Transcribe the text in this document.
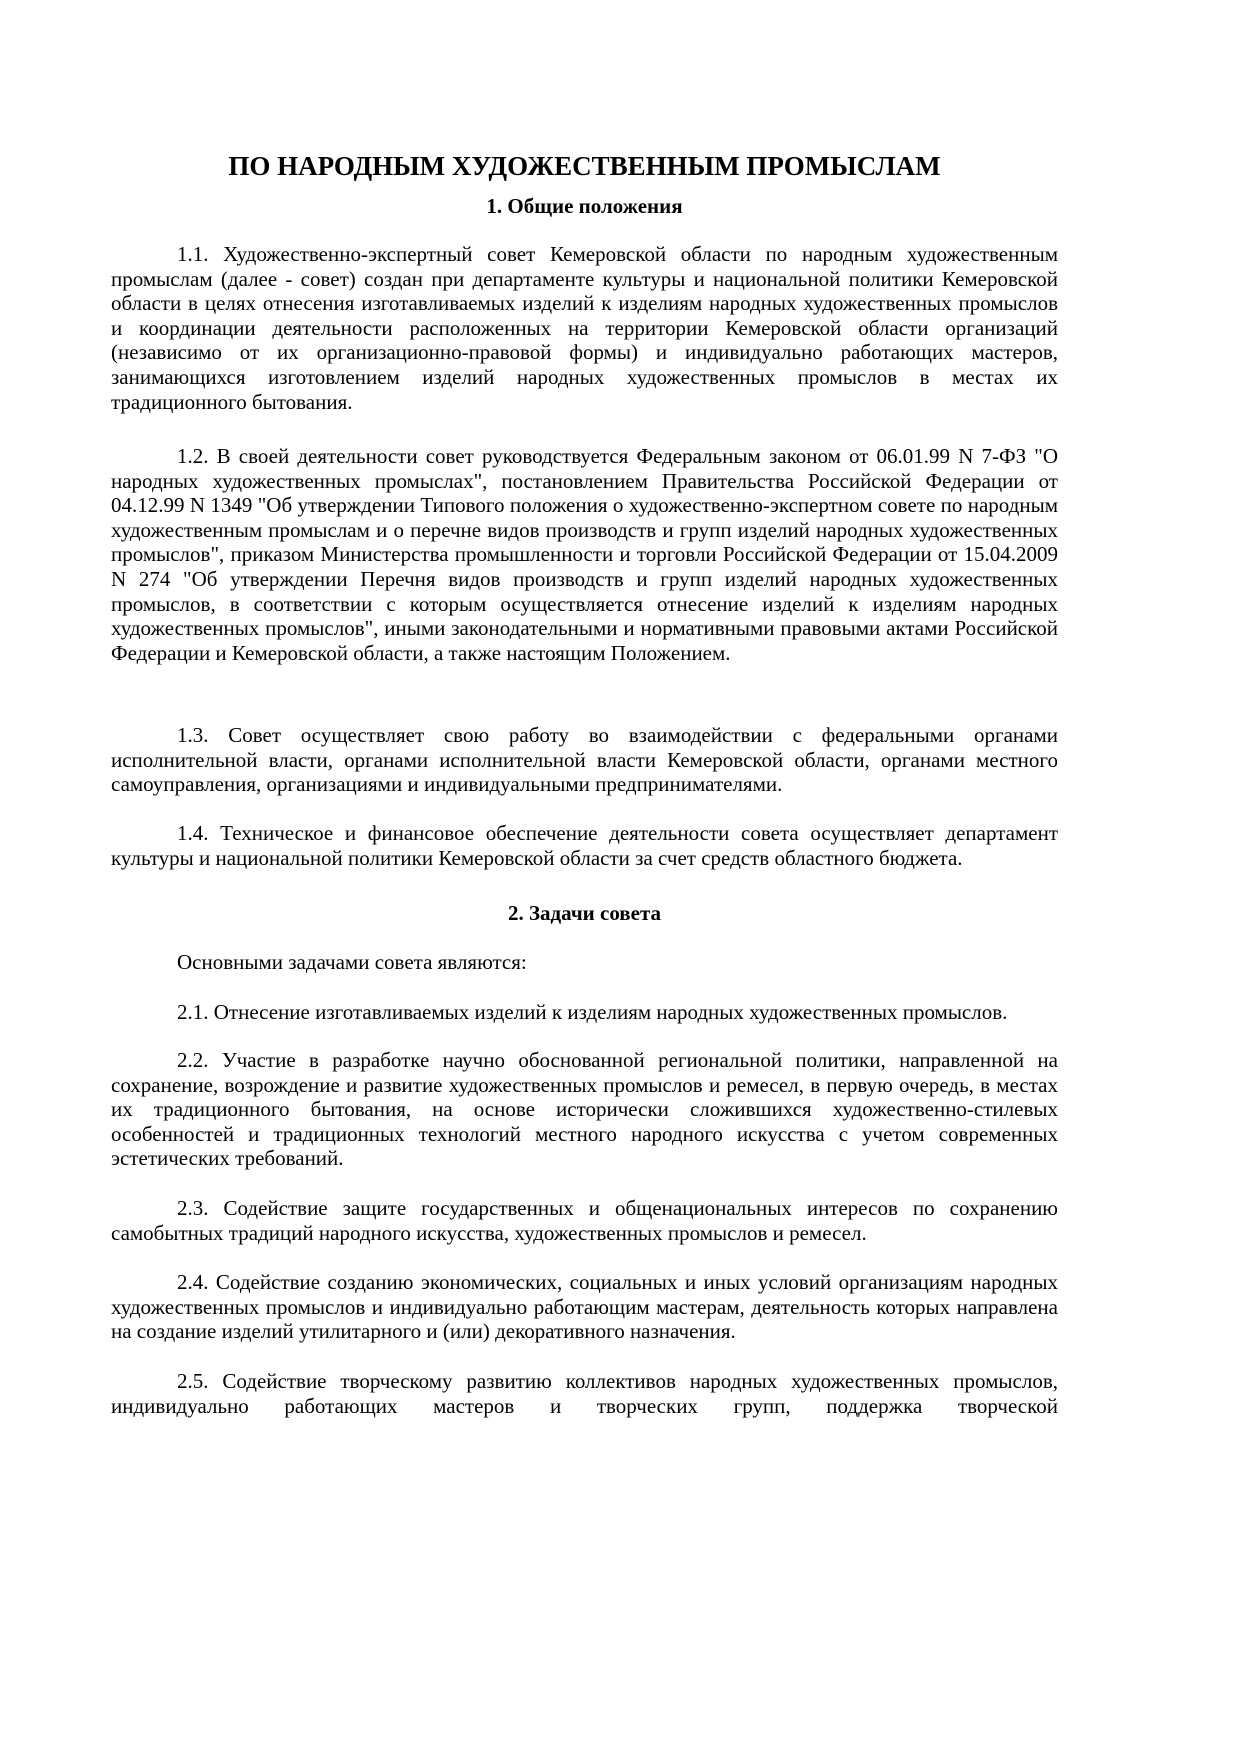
ПО НАРОДНЫМ ХУДОЖЕСТВЕННЫМ ПРОМЫСЛАМ
1. Общие положения

1.1. Художественно-экспертный совет Кемеровской области по народным художественным промыслам (далее - совет) создан при департаменте культуры и национальной политики Кемеровской области в целях отнесения изготавливаемых изделий к изделиям народных художественных промыслов и координации деятельности расположенных на территории Кемеровской области организаций (независимо от их организационно-правовой формы) и индивидуально работающих мастеров, занимающихся изготовлением изделий народных художественных промыслов в местах их традиционного бытования.

1.2. В своей деятельности совет руководствуется Федеральным законом от 06.01.99 N 7-ФЗ "О народных художественных промыслах", постановлением Правительства Российской Федерации от 04.12.99 N 1349 "Об утверждении Типового положения о художественно-экспертном совете по народным художественным промыслам и о перечне видов производств и групп изделий народных художественных промыслов", приказом Министерства промышленности и торговли Российской Федерации от 15.04.2009 N 274 "Об утверждении Перечня видов производств и групп изделий народных художественных промыслов, в соответствии с которым осуществляется отнесение изделий к изделиям народных художественных промыслов", иными законодательными и нормативными правовыми актами Российской Федерации и Кемеровской области, а также настоящим Положением.

1.3. Совет осуществляет свою работу во взаимодействии с федеральными органами исполнительной власти, органами исполнительной власти Кемеровской области, органами местного самоуправления, организациями и индивидуальными предпринимателями.

1.4. Техническое и финансовое обеспечение деятельности совета осуществляет департамент культуры и национальной политики Кемеровской области за счет средств областного бюджета.

2. Задачи совета

Основными задачами совета являются:

2.1. Отнесение изготавливаемых изделий к изделиям народных художественных промыслов.

2.2. Участие в разработке научно обоснованной региональной политики, направленной на сохранение, возрождение и развитие художественных промыслов и ремесел, в первую очередь, в местах их традиционного бытования, на основе исторически сложившихся художественно-стилевых особенностей и традиционных технологий местного народного искусства с учетом современных эстетических требований.

2.3. Содействие защите государственных и общенациональных интересов по сохранению самобытных традиций народного искусства, художественных промыслов и ремесел.

2.4. Содействие созданию экономических, социальных и иных условий организациям народных художественных промыслов и индивидуально работающим мастерам, деятельность которых направлена на создание изделий утилитарного и (или) декоративного назначения.

2.5. Содействие творческому развитию коллективов народных художественных промыслов, индивидуально работающих мастеров и творческих групп, поддержка творческой
